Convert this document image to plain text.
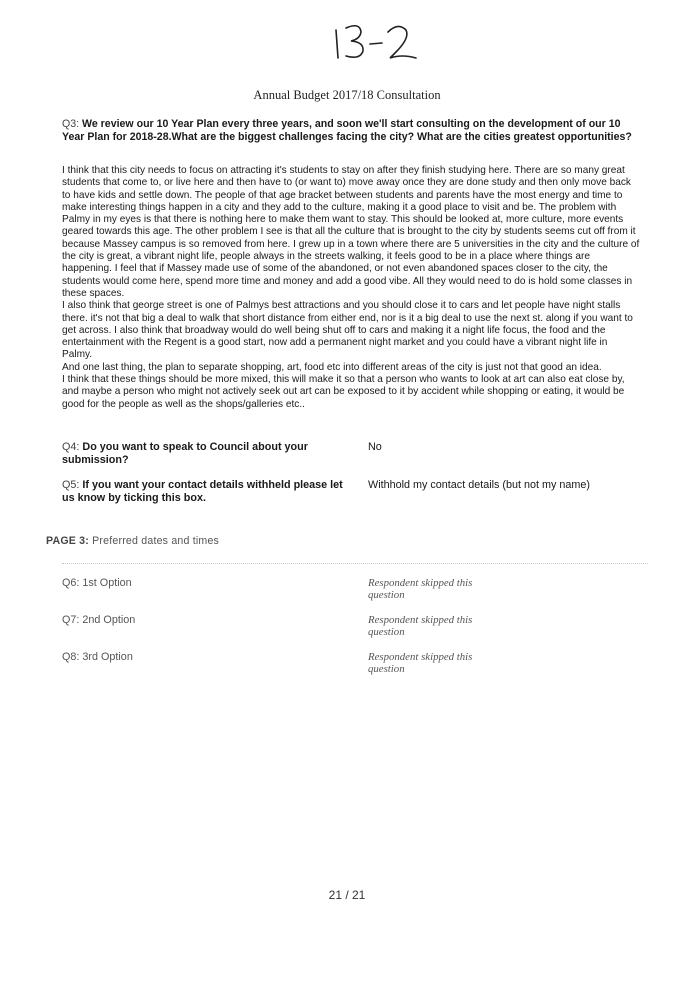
Annual Budget 2017/18 Consultation
Q3: We review our 10 Year Plan every three years, and soon we'll start consulting on the development of our 10 Year Plan for 2018-28.What are the biggest challenges facing the city? What are the cities greatest opportunities?

I think that this city needs to focus on attracting it's students to stay on after they finish studying here. There are so many great students that come to, or live here and then have to (or want to) move away once they are done study and then only move back to have kids and settle down. The people of that age bracket between students and parents have the most energy and time to make interesting things happen in a city and they add to the culture, making it a good place to visit and be. The problem with Palmy in my eyes is that there is nothing here to make them want to stay. This should be looked at, more culture, more events geared towards this age. The other problem I see is that all the culture that is brought to the city by students seems cut off from it because Massey campus is so removed from here. I grew up in a town where there are 5 universities in the city and the culture of the city is great, a vibrant night life, people always in the streets walking, it feels good to be in a place where things are happening. I feel that if Massey made use of some of the abandoned, or not even abandoned spaces closer to the city, the students would come here, spend more time and money and add a good vibe. All they would need to do is hold some classes in these spaces.

I also think that george street is one of Palmys best attractions and you should close it to cars and let people have night stalls there. it's not that big a deal to walk that short distance from either end, nor is it a big deal to use the next st. along if you want to get across. I also think that broadway would do well being shut off to cars and making it a night life focus, the food and the entertainment with the Regent is a good start, now add a permanent night market and you could have a vibrant night life in Palmy.

And one last thing, the plan to separate shopping, art, food etc into different areas of the city is just not that good an idea.

I think that these things should be more mixed, this will make it so that a person who wants to look at art can also eat close by, and maybe a person who might not actively seek out art can be exposed to it by accident while shopping or eating, it would be good for the people as well as the shops/galleries etc..

Q4: Do you want to speak to Council about your submission?
No
Q5: If you want your contact details withheld please let us know by ticking this box.
Withhold my contact details (but not my name)
PAGE 3: Preferred dates and times
Q6: 1st Option	Respondent skipped this question
Q7: 2nd Option	Respondent skipped this question
Q8: 3rd Option	Respondent skipped this question
21 / 21
